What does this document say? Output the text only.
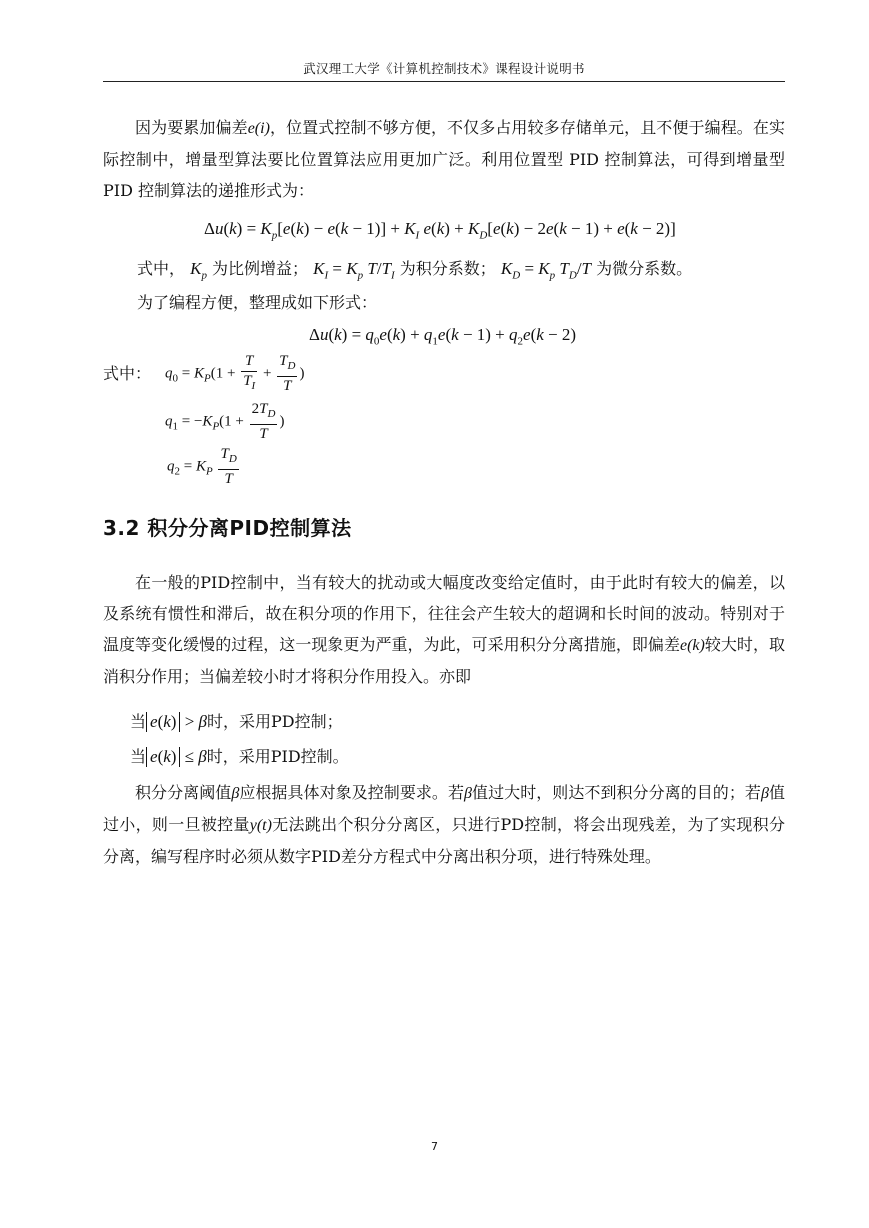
武汉理工大学《计算机控制技术》课程设计说明书
因为要累加偏差e(i)，位置式控制不够方便，不仅多占用较多存储单元，且不便于编程。在实际控制中，增量型算法要比位置算法应用更加广泛。利用位置型 PID 控制算法，可得到增量型 PID 控制算法的递推形式为：
$\Delta u(k) = K_p[e(k) - e(k - 1)] + K_I$ $e(k) + K_D[e(k) - 2e(k - 1) + e(k - 2)]$
式中， $K_p$ 为比例增益； $K_I = K_p$ $T/T_I$ 为积分系数； $K_D = K_p$ $T_D/T$ 为微分系数。
为了编程方便，整理成如下形式：
$\Delta u(k) = q_0e(k) + q_1e(k - 1) + q_2e(k - 2)$
式中： $q_0 = K_P(1 + \frac{T}{T_I} + \frac{T_D}{T}$ )
$q_1 = -K_P(1 + \frac{2T_D}{T}$ )
$q_2 = K_P \frac{T_D}{T}$
3.2 积分分离PID控制算法
在一般的PID控制中，当有较大的扰动或大幅度改变给定值时，由于此时有较大的偏差，以及系统有惯性和滞后，故在积分项的作用下，往往会产生较大的超调和长时间的波动。特别对于温度等变化缓慢的过程，这一现象更为严重，为此，可采用积分分离措施，即偏差e(k)较大时，取消积分作用；当偏差较小时才将积分作用投入。亦即
当 e(k) > β时，采用PD控制；
当 e(k) ≤ β时，采用PID控制。
积分分离阈值β应根据具体对象及控制要求。若β值过大时，则达不到积分分离的目的；若β值过小，则一旦被控量y(t)无法跳出个积分分离区，只进行PD控制，将会出现残差，为了实现积分分离，编写程序时必须从数字PID差分方程式中分离出积分项，进行特殊处理。
7
